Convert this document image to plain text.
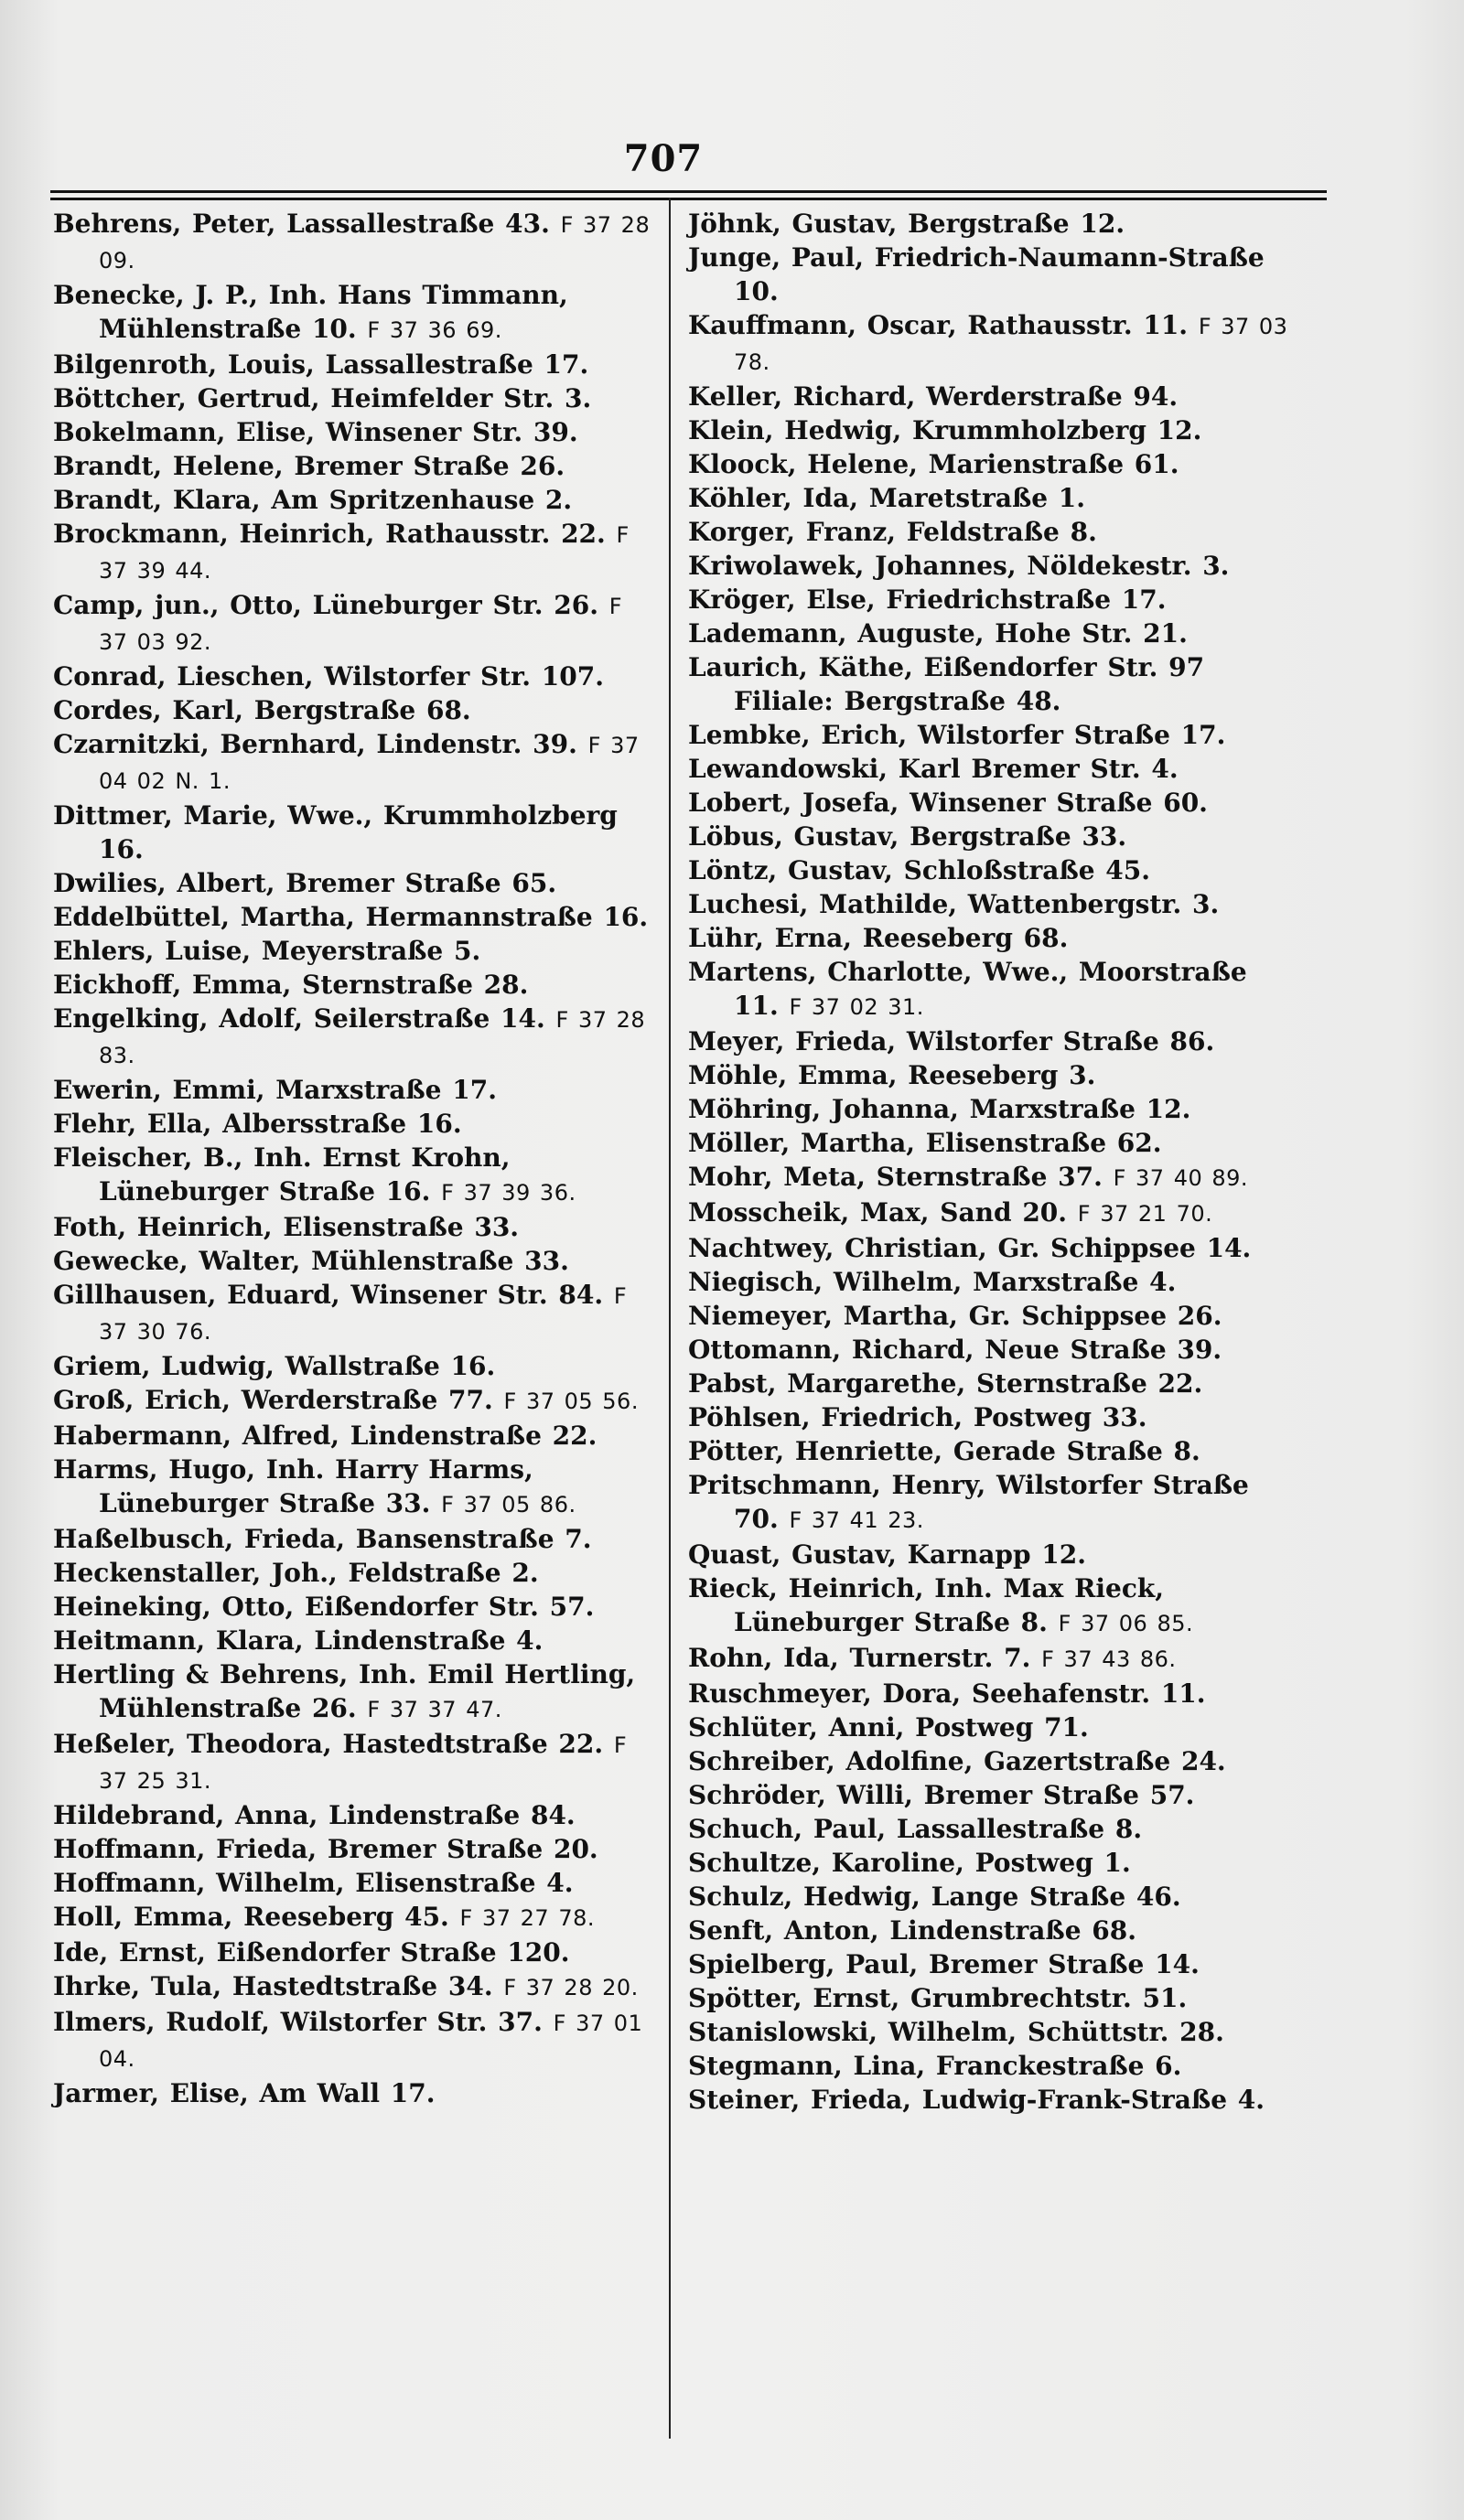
707
Behrens, Peter, Lassallestraße 43. F 37 28 09.
Benecke, J. P., Inh. Hans Timmann, Mühlenstraße 10. F 37 36 69.
Bilgenroth, Louis, Lassallestraße 17.
Böttcher, Gertrud, Heimfelder Str. 3.
Bokelmann, Elise, Winsener Str. 39.
Brandt, Helene, Bremer Straße 26.
Brandt, Klara, Am Spritzenhause 2.
Brockmann, Heinrich, Rathausstr. 22. F 37 39 44.
Camp, jun., Otto, Lüneburger Str. 26. F 37 03 92.
Conrad, Lieschen, Wilstorfer Str. 107.
Cordes, Karl, Bergstraße 68.
Czarnitzki, Bernhard, Lindenstr. 39. F 37 04 02 N. 1.
Dittmer, Marie, Wwe., Krummholzberg 16.
Dwilies, Albert, Bremer Straße 65.
Eddelbüttel, Martha, Hermannstraße 16.
Ehlers, Luise, Meyerstraße 5.
Eickhoff, Emma, Sternstraße 28.
Engelking, Adolf, Seilerstraße 14. F 37 28 83.
Ewerin, Emmi, Marxstraße 17.
Flehr, Ella, Albersstraße 16.
Fleischer, B., Inh. Ernst Krohn, Lüneburger Straße 16. F 37 39 36.
Foth, Heinrich, Elisenstraße 33.
Gewecke, Walter, Mühlenstraße 33.
Gillhausen, Eduard, Winsener Str. 84. F 37 30 76.
Griem, Ludwig, Wallstraße 16.
Groß, Erich, Werderstraße 77. F 37 05 56.
Habermann, Alfred, Lindenstraße 22.
Harms, Hugo, Inh. Harry Harms, Lüneburger Straße 33. F 37 05 86.
Haßelbusch, Frieda, Bansenstraße 7.
Heckenstaller, Joh., Feldstraße 2.
Heineking, Otto, Eißendorfer Str. 57.
Heitmann, Klara, Lindenstraße 4.
Hertling & Behrens, Inh. Emil Hertling, Mühlenstraße 26. F 37 37 47.
Heßeler, Theodora, Hastedtstraße 22. F 37 25 31.
Hildebrand, Anna, Lindenstraße 84.
Hoffmann, Frieda, Bremer Straße 20.
Hoffmann, Wilhelm, Elisenstraße 4.
Holl, Emma, Reeseberg 45. F 37 27 78.
Ide, Ernst, Eißendorfer Straße 120.
Ihrke, Tula, Hastedtstraße 34. F 37 28 20.
Ilmers, Rudolf, Wilstorfer Str. 37. F 37 01 04.
Jarmer, Elise, Am Wall 17.
Jöhnk, Gustav, Bergstraße 12.
Junge, Paul, Friedrich-Naumann-Straße 10.
Kauffmann, Oscar, Rathausstr. 11. F 37 03 78.
Keller, Richard, Werderstraße 94.
Klein, Hedwig, Krummholzberg 12.
Kloock, Helene, Marienstraße 61.
Köhler, Ida, Maretstraße 1.
Korger, Franz, Feldstraße 8.
Kriwolawek, Johannes, Nöldekestr. 3.
Kröger, Else, Friedrichstraße 17.
Lademann, Auguste, Hohe Str. 21.
Laurich, Käthe, Eißendorfer Str. 97 Filiale: Bergstraße 48.
Lembke, Erich, Wilstorfer Straße 17.
Lewandowski, Karl Bremer Str. 4.
Lobert, Josefa, Winsener Straße 60.
Löbus, Gustav, Bergstraße 33.
Löntz, Gustav, Schloßstraße 45.
Luchesi, Mathilde, Wattenbergstr. 3.
Lühr, Erna, Reeseberg 68.
Martens, Charlotte, Wwe., Moorstraße 11. F 37 02 31.
Meyer, Frieda, Wilstorfer Straße 86.
Möhle, Emma, Reeseberg 3.
Möhring, Johanna, Marxstraße 12.
Möller, Martha, Elisenstraße 62.
Mohr, Meta, Sternstraße 37. F 37 40 89.
Mosscheik, Max, Sand 20. F 37 21 70.
Nachtwey, Christian, Gr. Schippsee 14.
Niegisch, Wilhelm, Marxstraße 4.
Niemeyer, Martha, Gr. Schippsee 26.
Ottomann, Richard, Neue Straße 39.
Pabst, Margarethe, Sternstraße 22.
Pöhlsen, Friedrich, Postweg 33.
Pötter, Henriette, Gerade Straße 8.
Pritschmann, Henry, Wilstorfer Straße 70. F 37 41 23.
Quast, Gustav, Karnapp 12.
Rieck, Heinrich, Inh. Max Rieck, Lüneburger Straße 8. F 37 06 85.
Rohn, Ida, Turnerstr. 7. F 37 43 86.
Ruschmeyer, Dora, Seehafenstr. 11.
Schlüter, Anni, Postweg 71.
Schreiber, Adolfine, Gazertstraße 24.
Schröder, Willi, Bremer Straße 57.
Schuch, Paul, Lassallestraße 8.
Schultze, Karoline, Postweg 1.
Schulz, Hedwig, Lange Straße 46.
Senft, Anton, Lindenstraße 68.
Spielberg, Paul, Bremer Straße 14.
Spötter, Ernst, Grumbrechtstr. 51.
Stanislowski, Wilhelm, Schüttstr. 28.
Stegmann, Lina, Franckestraße 6.
Steiner, Frieda, Ludwig-Frank-Straße 4.
